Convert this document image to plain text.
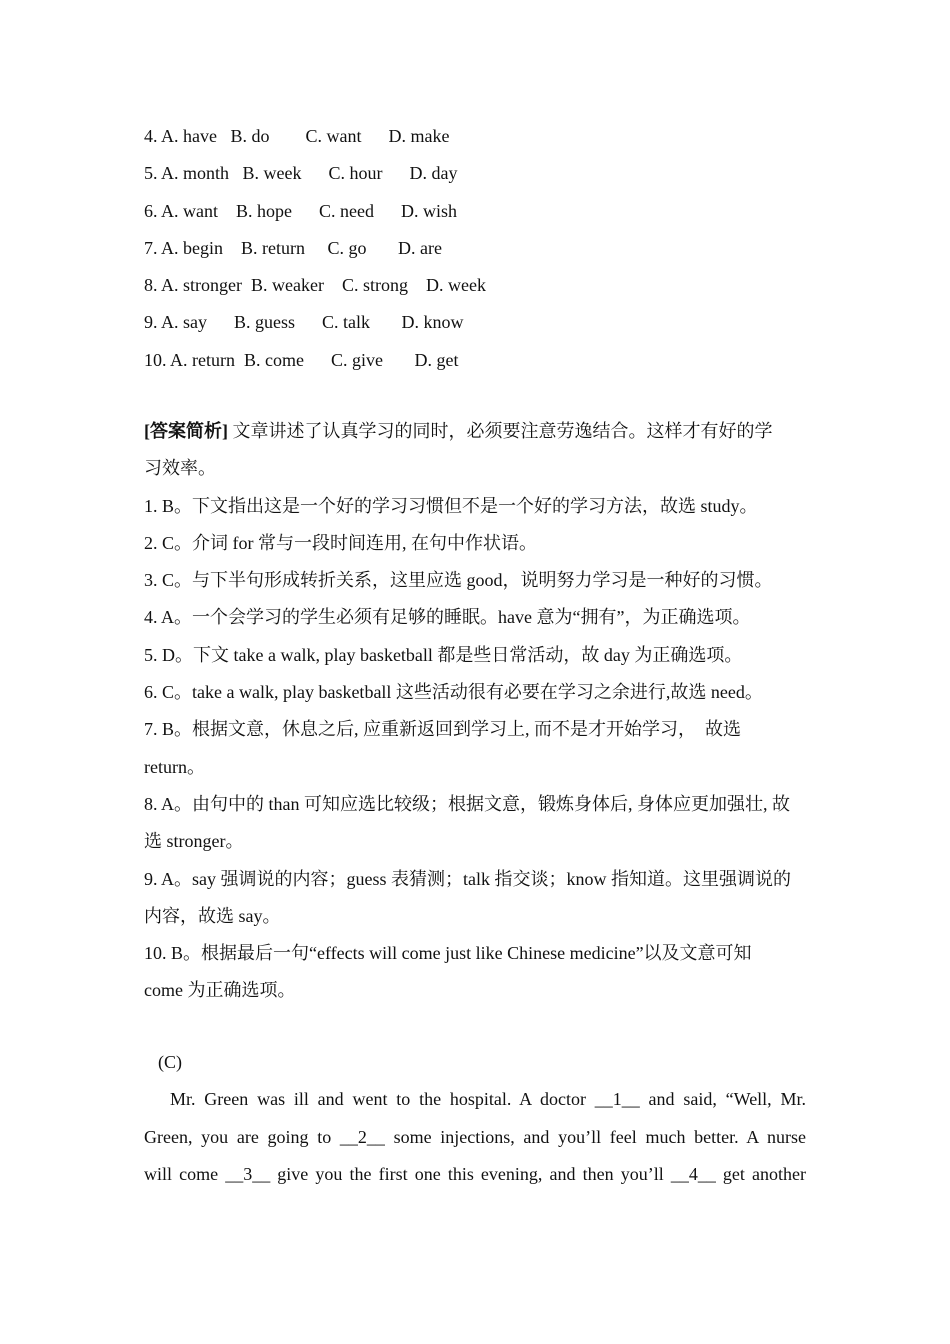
4. A. have   B. do        C. want      D. make
5. A. month   B. week      C. hour      D. day
6. A. want    B. hope      C. need      D. wish
7. A. begin    B. return     C. go       D. are
8. A. stronger  B. weaker    C. strong    D. week
9. A. say      B. guess      C. talk       D. know
10. A. return  B. come      C. give       D. get
[答案简析] 文章讲述了认真学习的同时，必须要注意劳逸结合。这样才有好的学
习效率。
1. B。下文指出这是一个好的学习习惯但不是一个好的学习方法，故选 study。
2. C。介词 for 常与一段时间连用, 在句中作状语。
3. C。与下半句形成转折关系，这里应选 good，说明努力学习是一种好的习惯。
4. A。一个会学习的学生必须有足够的睡眠。have 意为“拥有”，为正确选项。
5. D。下文 take a walk, play basketball 都是些日常活动，故 day 为正确选项。
6. C。take a walk, play basketball 这些活动很有必要在学习之余进行,故选 need。
7. B。根据文意，休息之后, 应重新返回到学习上, 而不是才开始学习，  故选
return。
8. A。由句中的 than 可知应选比较级；根据文意，锻炼身体后, 身体应更加强壮, 故
选 stronger。
9. A。say 强调说的内容；guess 表猜测；talk 指交谈；know 指知道。这里强调说的
内容，故选 say。
10. B。根据最后一句“effects will come just like Chinese medicine”以及文意可知
come 为正确选项。
(C)
Mr. Green was ill and went to the hospital. A doctor __1__ and said, “Well, Mr.
Green, you are going to __2__ some injections, and you’ll feel much better. A nurse
will come __3__ give you the first one this evening, and then you’ll __4__ get another
